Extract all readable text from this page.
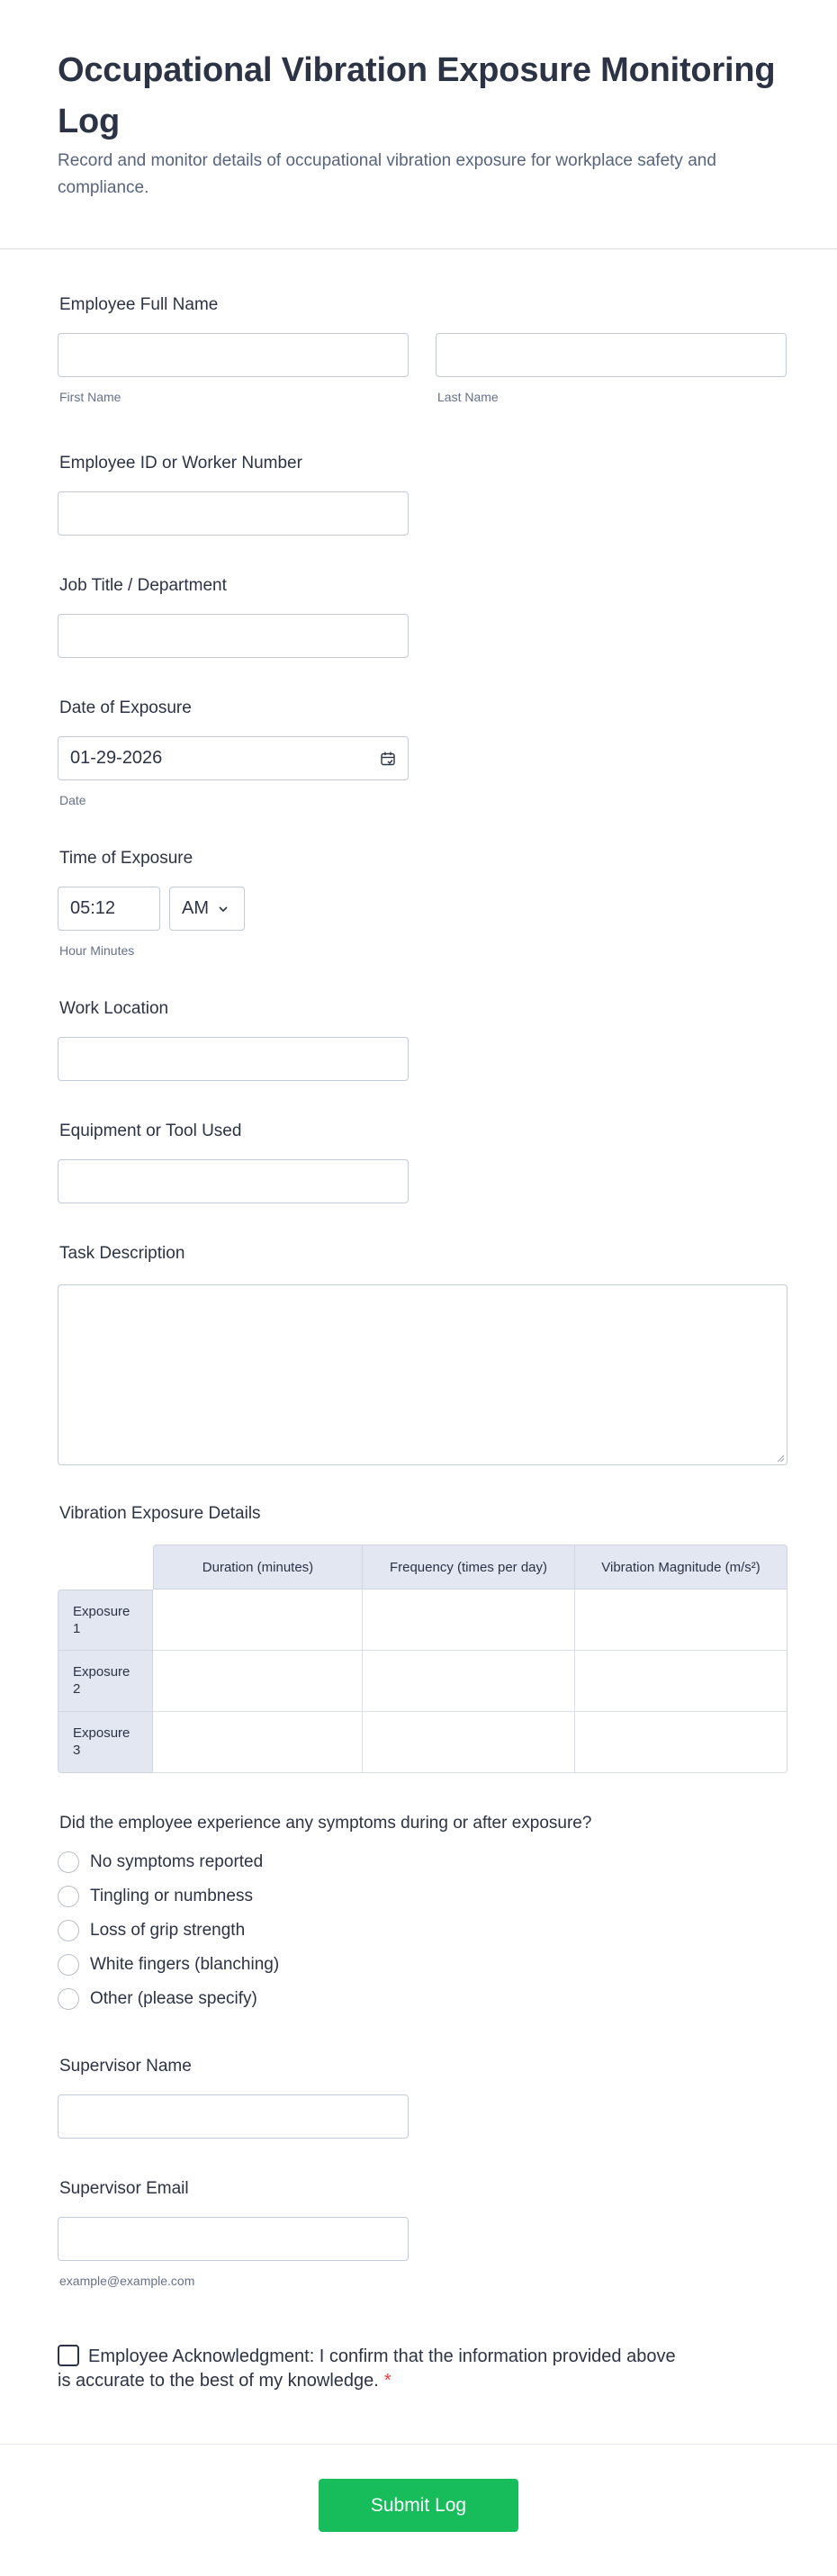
Occupational Vibration Exposure Monitoring Log

Record and monitor details of occupational vibration exposure for workplace safety and compliance.

Employee Full Name
First Name	Last Name
Employee ID or Worker Number
Job Title / Department
Date of Exposure
01-29-2026
Date
Time of Exposure
05:12	AM
Hour Minutes
Work Location
Equipment or Tool Used
Task Description
Vibration Exposure Details
Duration (minutes)	Frequency (times per day)	Vibration Magnitude (m/s²)
Exposure 1
Exposure 2
Exposure 3
Did the employee experience any symptoms during or after exposure?
No symptoms reported
Tingling or numbness
Loss of grip strength
White fingers (blanching)
Other (please specify)
Supervisor Name
Supervisor Email
example@example.com
Employee Acknowledgment: I confirm that the information provided above is accurate to the best of my knowledge. *
Submit Log
